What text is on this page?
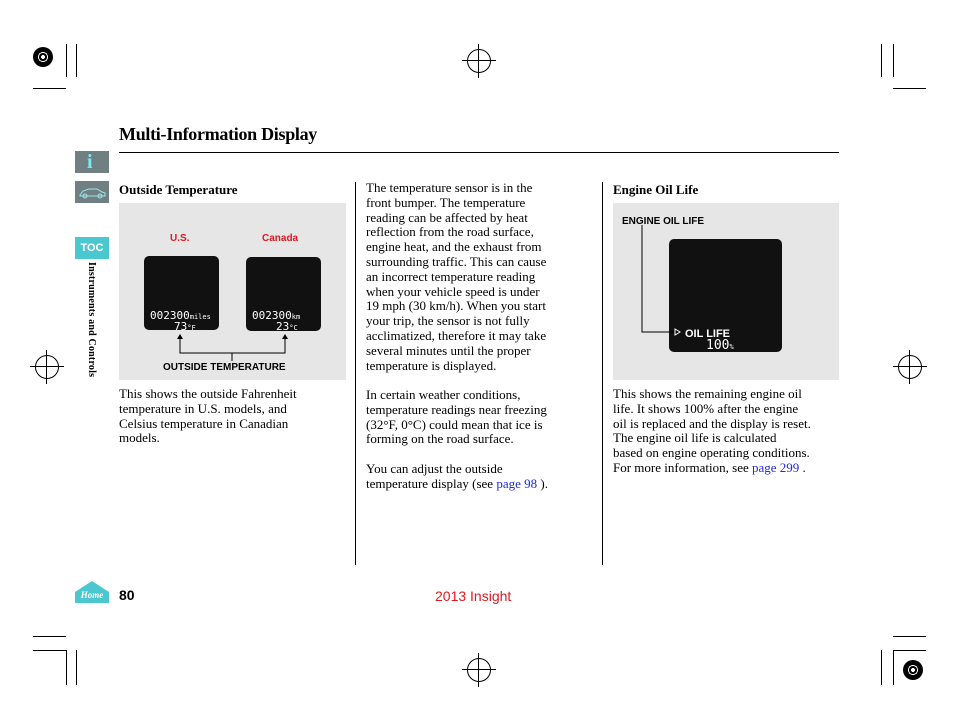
Multi-Information Display
i
TOC
Instruments and Controls
Outside Temperature
U.S.	Canada
002300miles
73°F
002300km
23°C
OUTSIDE TEMPERATURE
This shows the outside Fahrenheit
temperature in U.S. models, and
Celsius temperature in Canadian
models.
The temperature sensor is in the
front bumper. The temperature
reading can be affected by heat
reflection from the road surface,
engine heat, and the exhaust from
surrounding traffic. This can cause
an incorrect temperature reading
when your vehicle speed is under
19 mph (30 km/h). When you start
your trip, the sensor is not fully
acclimatized, therefore it may take
several minutes until the proper
temperature is displayed.
In certain weather conditions,
temperature readings near freezing
(32°F, 0°C) could mean that ice is
forming on the road surface.
You can adjust the outside
temperature display (see page 98 ).
Engine Oil Life
ENGINE OIL LIFE
OIL LIFE
100%
This shows the remaining engine oil
life. It shows 100% after the engine
oil is replaced and the display is reset.
The engine oil life is calculated
based on engine operating conditions.
For more information, see page 299 .
Home 80	2013 Insight
